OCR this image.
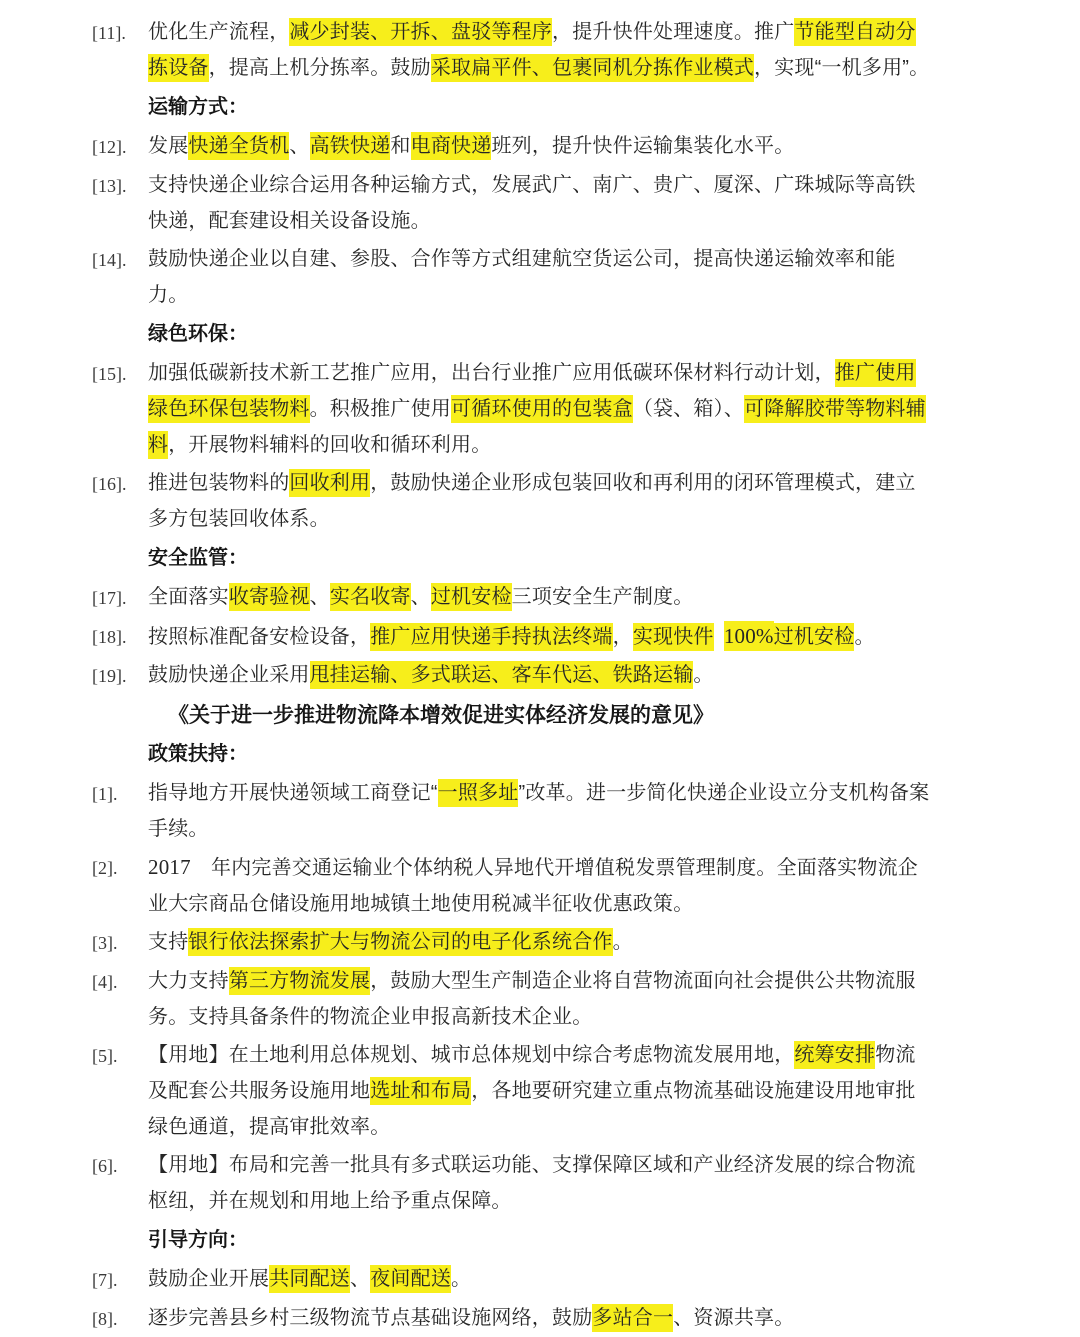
[11].	优化生产流程，减少封装、开拆、盘驳等程序，提升快件处理速度。推广节能型自动分拣设备，提高上机分拣率。鼓励采取扁平件、包裹同机分拣作业模式，实现“一机多用”。

运输方式：
[12].	发展快递全货机、高铁快递和电商快递班列，提升快件运输集装化水平。

[13].	支持快递企业综合运用各种运输方式，发展武广、南广、贵广、厦深、广珠城际等高铁快递，配套建设相关设备设施。

[14].	鼓励快递企业以自建、参股、合作等方式组建航空货运公司，提高快递运输效率和能力。

绿色环保：
[15].	加强低碳新技术新工艺推广应用，出台行业推广应用低碳环保材料行动计划，推广使用绿色环保包装物料。积极推广使用可循环使用的包装盒（袋、箱）、可降解胶带等物料辅料，开展物料辅料的回收和循环利用。

[16].	推进包装物料的回收利用，鼓励快递企业形成包装回收和再利用的闭环管理模式，建立多方包装回收体系。

安全监管：
[17].	全面落实收寄验视、实名收寄、过机安检三项安全生产制度。

[18].	按照标准配备安检设备，推广应用快递手持执法终端，实现快件  100%过机安检。

[19].	鼓励快递企业采用甩挂运输、多式联运、客车代运、铁路运输。

《关于进一步推进物流降本增效促进实体经济发展的意见》
政策扶持：
[1].	指导地方开展快递领域工商登记“一照多址”改革。进一步简化快递企业设立分支机构备案手续。

[2].	2017 年内完善交通运输业个体纳税人异地代开增值税发票管理制度。全面落实物流企业大宗商品仓储设施用地城镇土地使用税减半征收优惠政策。

[3].	支持银行依法探索扩大与物流公司的电子化系统合作。

[4].	大力支持第三方物流发展，鼓励大型生产制造企业将自营物流面向社会提供公共物流服务。支持具备条件的物流企业申报高新技术企业。

[5].	【用地】在土地利用总体规划、城市总体规划中综合考虑物流发展用地，统筹安排物流及配套公共服务设施用地选址和布局，各地要研究建立重点物流基础设施建设用地审批绿色通道，提高审批效率。

[6].	【用地】布局和完善一批具有多式联运功能、支撑保障区域和产业经济发展的综合物流枢纽，并在规划和用地上给予重点保障。

引导方向：
[7].	鼓励企业开展共同配送、夜间配送。

[8].	逐步完善县乡村三级物流节点基础设施网络，鼓励多站合一、资源共享。
